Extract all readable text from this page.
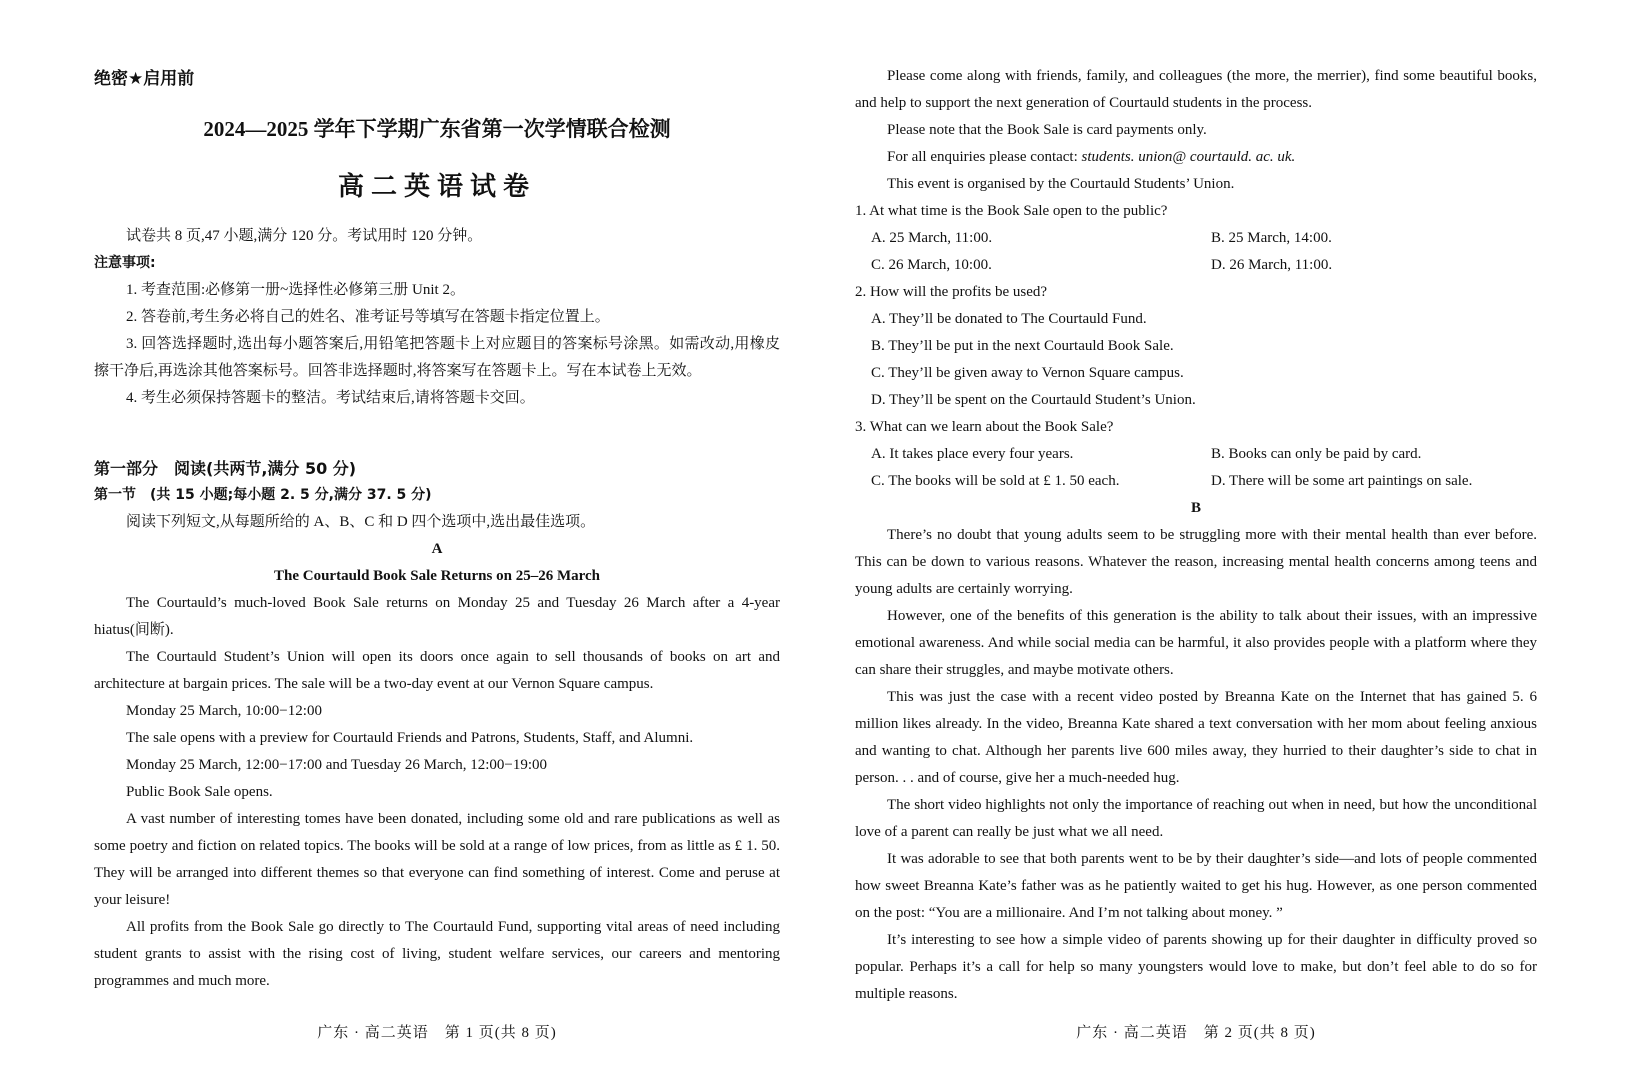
绝密★启用前
2024—2025 学年下学期广东省第一次学情联合检测
高二英语试卷

试卷共 8 页,47 小题,满分 120 分。考试用时 120 分钟。

注意事项:

1. 考查范围:必修第一册~选择性必修第三册 Unit 2。

2. 答卷前,考生务必将自己的姓名、准考证号等填写在答题卡指定位置上。

3. 回答选择题时,选出每小题答案后,用铅笔把答题卡上对应题目的答案标号涂黑。如需改动,用橡皮擦干净后,再选涂其他答案标号。回答非选择题时,将答案写在答题卡上。写在本试卷上无效。

4. 考生必须保持答题卡的整洁。考试结束后,请将答题卡交回。

第一部分　阅读(共两节,满分 50 分)

第一节　(共 15 小题;每小题 2. 5 分,满分 37. 5 分)

阅读下列短文,从每题所给的 A、B、C 和 D 四个选项中,选出最佳选项。

A

The Courtauld Book Sale Returns on 25–26 March

The Courtauld’s much-loved Book Sale returns on Monday 25 and Tuesday 26 March after a 4-year hiatus(间断).

The Courtauld Student’s Union will open its doors once again to sell thousands of books on art and architecture at bargain prices. The sale will be a two-day event at our Vernon Square campus.

Monday 25 March, 10:00−12:00

The sale opens with a preview for Courtauld Friends and Patrons, Students, Staff, and Alumni.

Monday 25 March, 12:00−17:00 and Tuesday 26 March, 12:00−19:00

Public Book Sale opens.

A vast number of interesting tomes have been donated, including some old and rare publications as well as some poetry and fiction on related topics. The books will be sold at a range of low prices, from as little as £ 1. 50. They will be arranged into different themes so that everyone can find something of interest. Come and peruse at your leisure!

All profits from the Book Sale go directly to The Courtauld Fund, supporting vital areas of need including student grants to assist with the rising cost of living, student welfare services, our careers and mentoring programmes and much more.

广东 · 高二英语　第 1 页(共 8 页)

Please come along with friends, family, and colleagues (the more, the merrier), find some beautiful books, and help to support the next generation of Courtauld students in the process.

Please note that the Book Sale is card payments only.

For all enquiries please contact: students. union@ courtauld. ac. uk.

This event is organised by the Courtauld Students’ Union.

1. At what time is the Book Sale open to the public?

A. 25 March, 11:00.	B. 25 March, 14:00.
C. 26 March, 10:00.	D. 26 March, 11:00.

2. How will the profits be used?

A. They’ll be donated to The Courtauld Fund.
B. They’ll be put in the next Courtauld Book Sale.
C. They’ll be given away to Vernon Square campus.
D. They’ll be spent on the Courtauld Student’s Union.

3. What can we learn about the Book Sale?

A. It takes place every four years.	B. Books can only be paid by card.
C. The books will be sold at £ 1. 50 each.	D. There will be some art paintings on sale.

B

There’s no doubt that young adults seem to be struggling more with their mental health than ever before. This can be down to various reasons. Whatever the reason, increasing mental health concerns among teens and young adults are certainly worrying.

However, one of the benefits of this generation is the ability to talk about their issues, with an impressive emotional awareness. And while social media can be harmful, it also provides people with a platform where they can share their struggles, and maybe motivate others.

This was just the case with a recent video posted by Breanna Kate on the Internet that has gained 5. 6 million likes already. In the video, Breanna Kate shared a text conversation with her mom about feeling anxious and wanting to chat. Although her parents live 600 miles away, they hurried to their daughter’s side to chat in person. . . and of course, give her a much-needed hug.

The short video highlights not only the importance of reaching out when in need, but how the unconditional love of a parent can really be just what we all need.

It was adorable to see that both parents went to be by their daughter’s side—and lots of people commented how sweet Breanna Kate’s father was as he patiently waited to get his hug. However, as one person commented on the post: “You are a millionaire. And I’m not talking about money. ”

It’s interesting to see how a simple video of parents showing up for their daughter in difficulty proved so popular. Perhaps it’s a call for help so many youngsters would love to make, but don’t feel able to do so for multiple reasons.

广东 · 高二英语　第 2 页(共 8 页)
